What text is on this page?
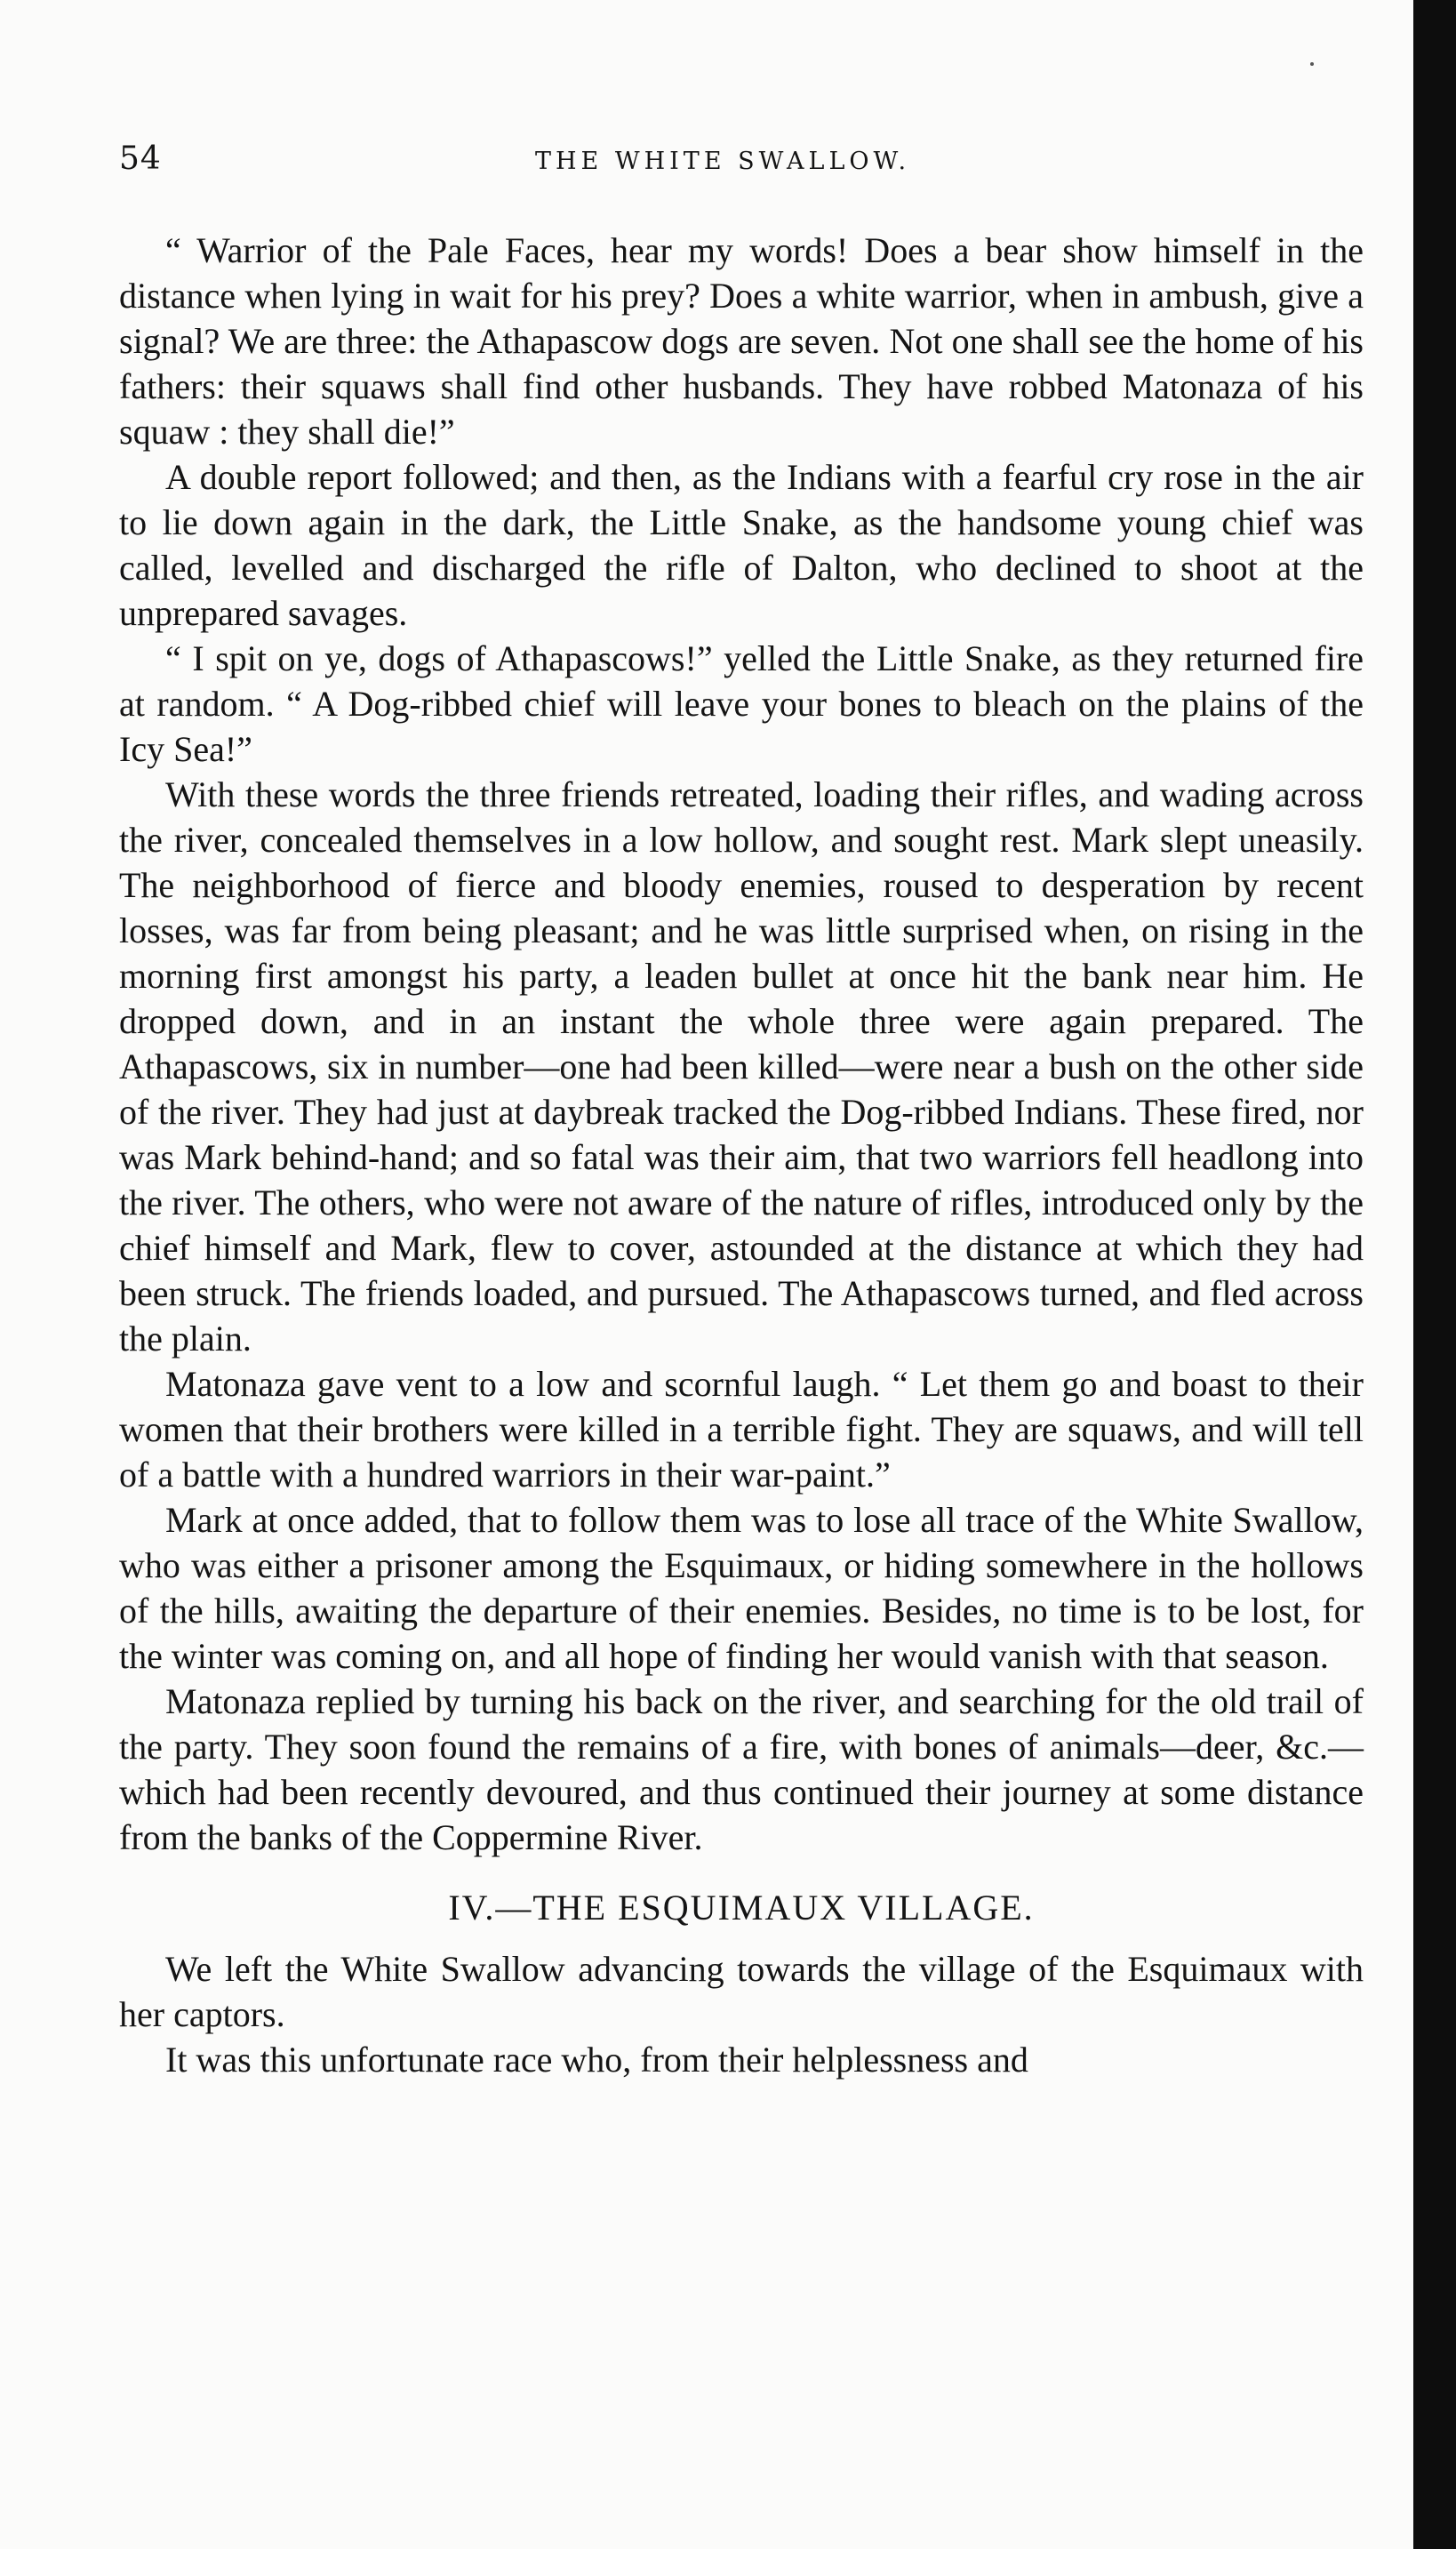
54	THE WHITE SWALLOW.

“ Warrior of the Pale Faces, hear my words! Does a bear show himself in the distance when lying in wait for his prey? Does a white warrior, when in ambush, give a signal? We are three: the Athapascow dogs are seven. Not one shall see the home of his fathers: their squaws shall find other husbands. They have robbed Matonaza of his squaw : they shall die!”

A double report followed; and then, as the Indians with a fearful cry rose in the air to lie down again in the dark, the Little Snake, as the handsome young chief was called, levelled and discharged the rifle of Dalton, who declined to shoot at the unprepared savages.

“ I spit on ye, dogs of Athapascows!” yelled the Little Snake, as they returned fire at random. “ A Dog-ribbed chief will leave your bones to bleach on the plains of the Icy Sea!”

With these words the three friends retreated, loading their rifles, and wading across the river, concealed themselves in a low hollow, and sought rest. Mark slept uneasily. The neighborhood of fierce and bloody enemies, roused to desperation by recent losses, was far from being pleasant; and he was little surprised when, on rising in the morning first amongst his party, a leaden bullet at once hit the bank near him. He dropped down, and in an instant the whole three were again prepared. The Athapascows, six in number—one had been killed—were near a bush on the other side of the river. They had just at daybreak tracked the Dog-ribbed Indians. These fired, nor was Mark behind-hand; and so fatal was their aim, that two warriors fell headlong into the river. The others, who were not aware of the nature of rifles, introduced only by the chief himself and Mark, flew to cover, astounded at the distance at which they had been struck. The friends loaded, and pursued. The Athapascows turned, and fled across the plain.

Matonaza gave vent to a low and scornful laugh. “ Let them go and boast to their women that their brothers were killed in a terrible fight. They are squaws, and will tell of a battle with a hundred warriors in their war-paint.”

Mark at once added, that to follow them was to lose all trace of the White Swallow, who was either a prisoner among the Esquimaux, or hiding somewhere in the hollows of the hills, awaiting the departure of their enemies. Besides, no time is to be lost, for the winter was coming on, and all hope of finding her would vanish with that season.

Matonaza replied by turning his back on the river, and searching for the old trail of the party. They soon found the remains of a fire, with bones of animals—deer, &c.—which had been recently devoured, and thus continued their journey at some distance from the banks of the Coppermine River.

IV.—THE ESQUIMAUX VILLAGE.

We left the White Swallow advancing towards the village of the Esquimaux with her captors.

It was this unfortunate race who, from their helplessness and
